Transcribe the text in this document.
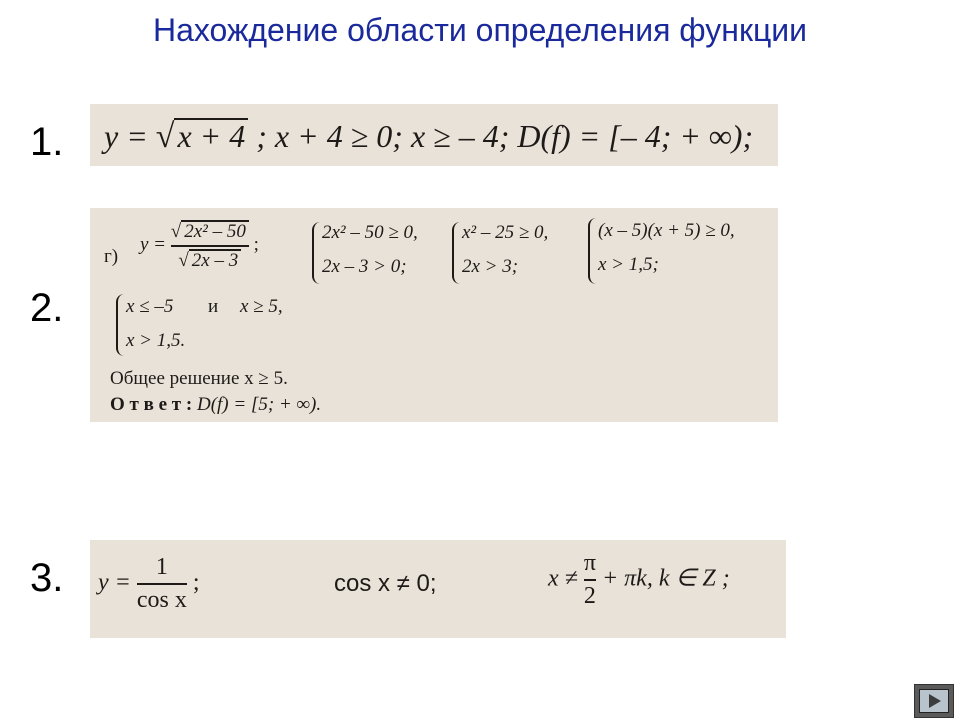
Нахождение области определения функции
1.
2.
3.
y = √x + 4 ; x + 4 ≥ 0; x ≥ – 4; D(f) = [– 4; + ∞);
г)
$y = \frac{\text{√ 2x² – 50}}{√ 2x - 3}$ ;
2x² – 50 ≥ 0,
2x – 3 > 0;
x² – 25 ≥ 0,
2x > 3;
(x – 5)(x + 5) ≥ 0,
x > 1,5;
x ≤ –5 и x ≥ 5,
x > 1,5.
Общее решение x ≥ 5.
О т в е т : D(f) = [5; + ∞).
$y = \frac{1}{\text{cos x}}$ ;	cos x ≠ 0;	$x \ne \frac{\pi}{2} + \pi k$, k ∈ Z ;
